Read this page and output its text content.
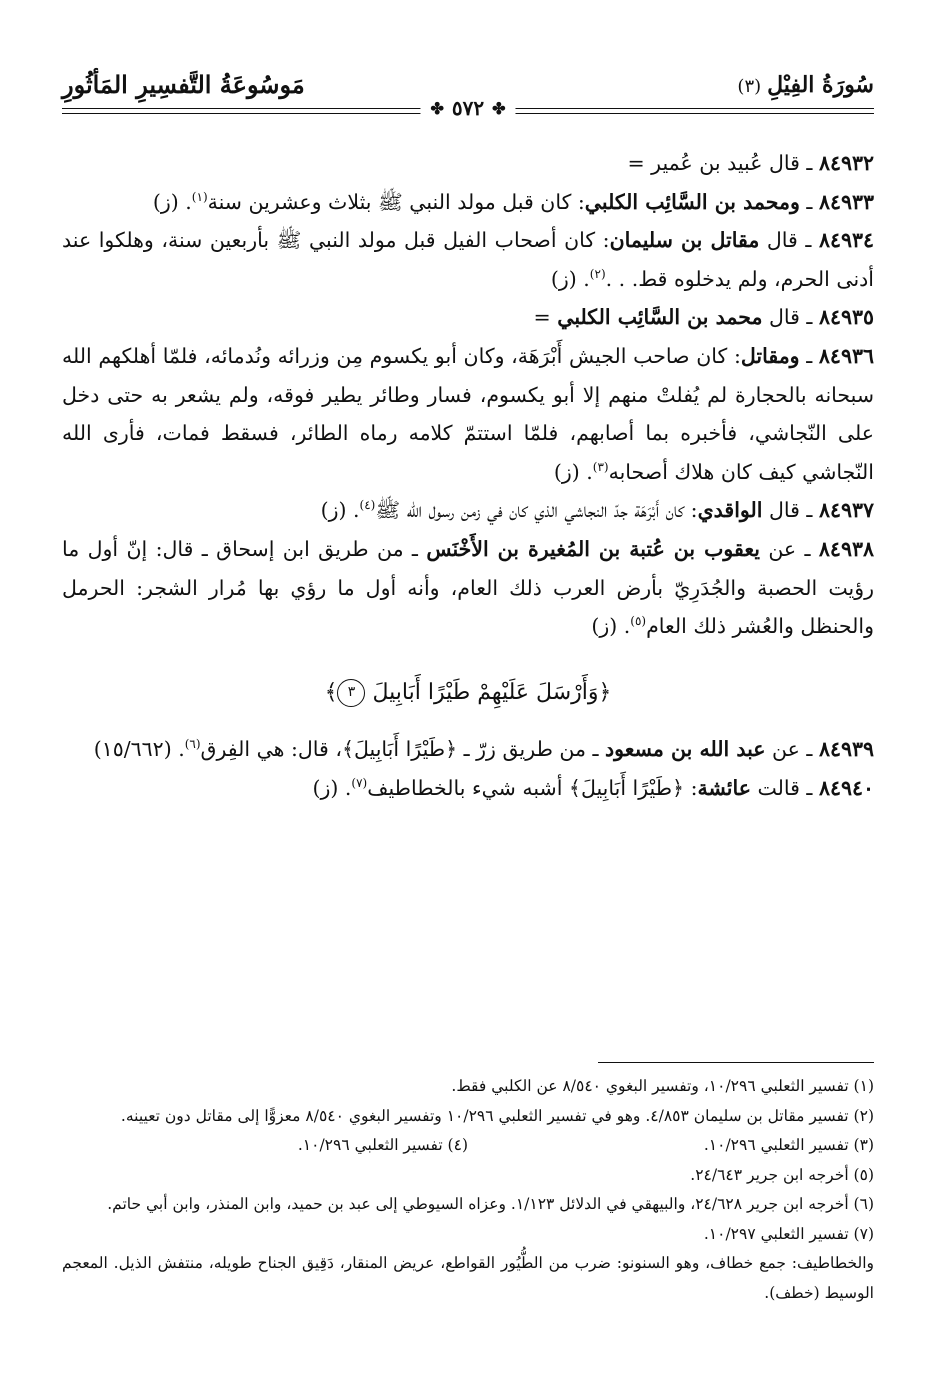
سُورَةُ الفِيْلِ(٣)
مَوسُوعَةُ التَّفسِيرِ المَأثُورِ
✤ ٥٧٢ ✤

٨٤٩٣٢ ـ قال عُبيد بن عُمير =

٨٤٩٣٣ ـ ومحمد بن السَّائِب الكلبي: كان قبل مولد النبي ﷺ بثلاث وعشرين سنة$^{(١)}$. (ز)

٨٤٩٣٤ ـ قال مقاتل بن سليمان: كان أصحاب الفيل قبل مولد النبي ﷺ بأربعين سنة، وهلكوا عند أدنى الحرم، ولم يدخلوه قط. . .$^{(٢)}$. (ز)

٨٤٩٣٥ ـ قال محمد بن السَّائِب الكلبي =

٨٤٩٣٦ ـ ومقاتل: كان صاحب الجيش أَبْرَهَة، وكان أبو يكسوم مِن وزرائه ونُدمائه، فلمّا أهلكهم الله سبحانه بالحجارة لم يُفلتْ منهم إلا أبو يكسوم، فسار وطائر يطير فوقه، ولم يشعر به حتى دخل على النّجاشي، فأخبره بما أصابهم، فلمّا استتمّ كلامه رماه الطائر، فسقط فمات، فأرى الله النّجاشي كيف كان هلاك أصحابه$^{(٣)}$. (ز)

٨٤٩٣٧ ـ قال الواقدي: كان أَبْرَهَة جدّ النجاشي الذي كان في زمن رسول الله ﷺ$^{(٤)}$. (ز)

٨٤٩٣٨ ـ عن يعقوب بن عُتبة بن المُغيرة بن الأَخْنَس ـ من طريق ابن إسحاق ـ قال: إنّ أول ما رؤيت الحصبة والجُدَرِيّ بأرض العرب ذلك العام، وأنه أول ما رؤي بها مُرار الشجر: الحرمل والحنظل والعُشر ذلك العام$^{(٥)}$. (ز)

﴿وَأَرْسَلَ عَلَيْهِمْ طَيْرًا أَبَابِيلَ ٣﴾

٨٤٩٣٩ ـ عن عبد الله بن مسعود ـ من طريق زرّ ـ ﴿طَيْرًا أَبَابِيلَ﴾، قال: هي الفِرق$^{(٦)}$. (١٥/٦٦٢)

٨٤٩٤٠ ـ قالت عائشة: ﴿طَيْرًا أَبَابِيلَ﴾ أشبه شيء بالخطاطيف$^{(٧)}$. (ز)

(١) تفسير الثعلبي ١٠/٢٩٦، وتفسير البغوي ٨/٥٤٠ عن الكلبي فقط.

(٢) تفسير مقاتل بن سليمان ٤/٨٥٣. وهو في تفسير الثعلبي ١٠/٢٩٦ وتفسير البغوي ٨/٥٤٠ معزوًّا إلى مقاتل دون تعيينه.

(٣) تفسير الثعلبي ١٠/٢٩٦.

(٤) تفسير الثعلبي ١٠/٢٩٦.

(٥) أخرجه ابن جرير ٢٤/٦٤٣.

(٦) أخرجه ابن جرير ٢٤/٦٢٨، والبيهقي في الدلائل ١/١٢٣. وعزاه السيوطي إلى عبد بن حميد، وابن المنذر، وابن أبي حاتم.

(٧) تفسير الثعلبي ١٠/٢٩٧.

والخطاطيف: جمع خطاف، وهو السنونو: ضرب من الطُّيُور القواطع، عريض المنقار، دَقِيق الجناح طويله، منتفش الذيل. المعجم الوسيط (خطف).
